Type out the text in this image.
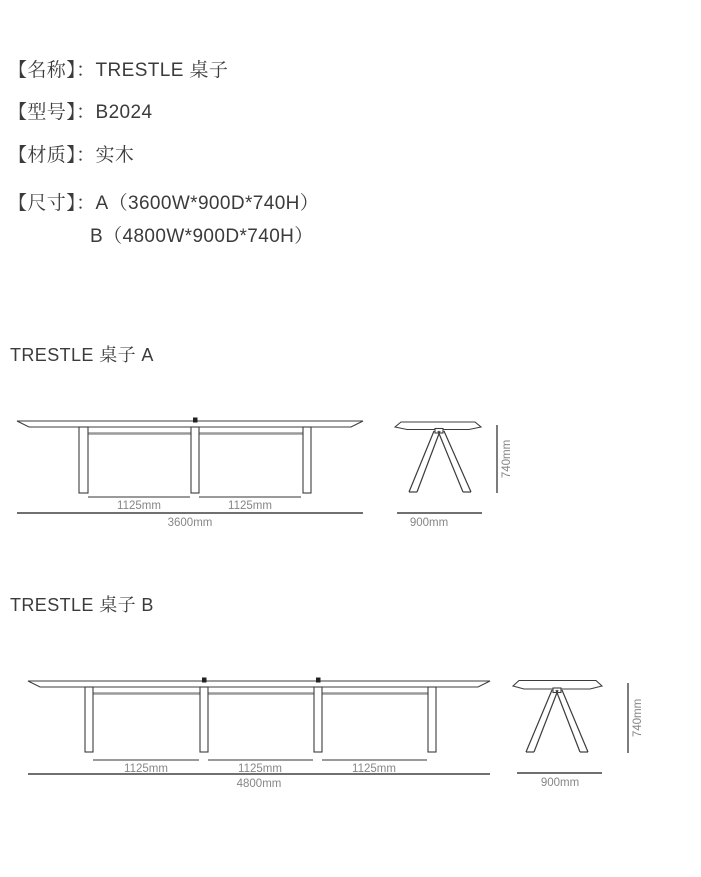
【名称】：TRESTLE 桌子
【型号】：B2024
【材质】：实木
【尺寸】：A（3600W*900D*740H）
B（4800W*900D*740H）
TRESTLE 桌子 A
1125mm	1125mm
3600mm
740mm
900mm
TRESTLE 桌子 B
1125mm	1125mm	1125mm
4800mm
740mm
900mm
